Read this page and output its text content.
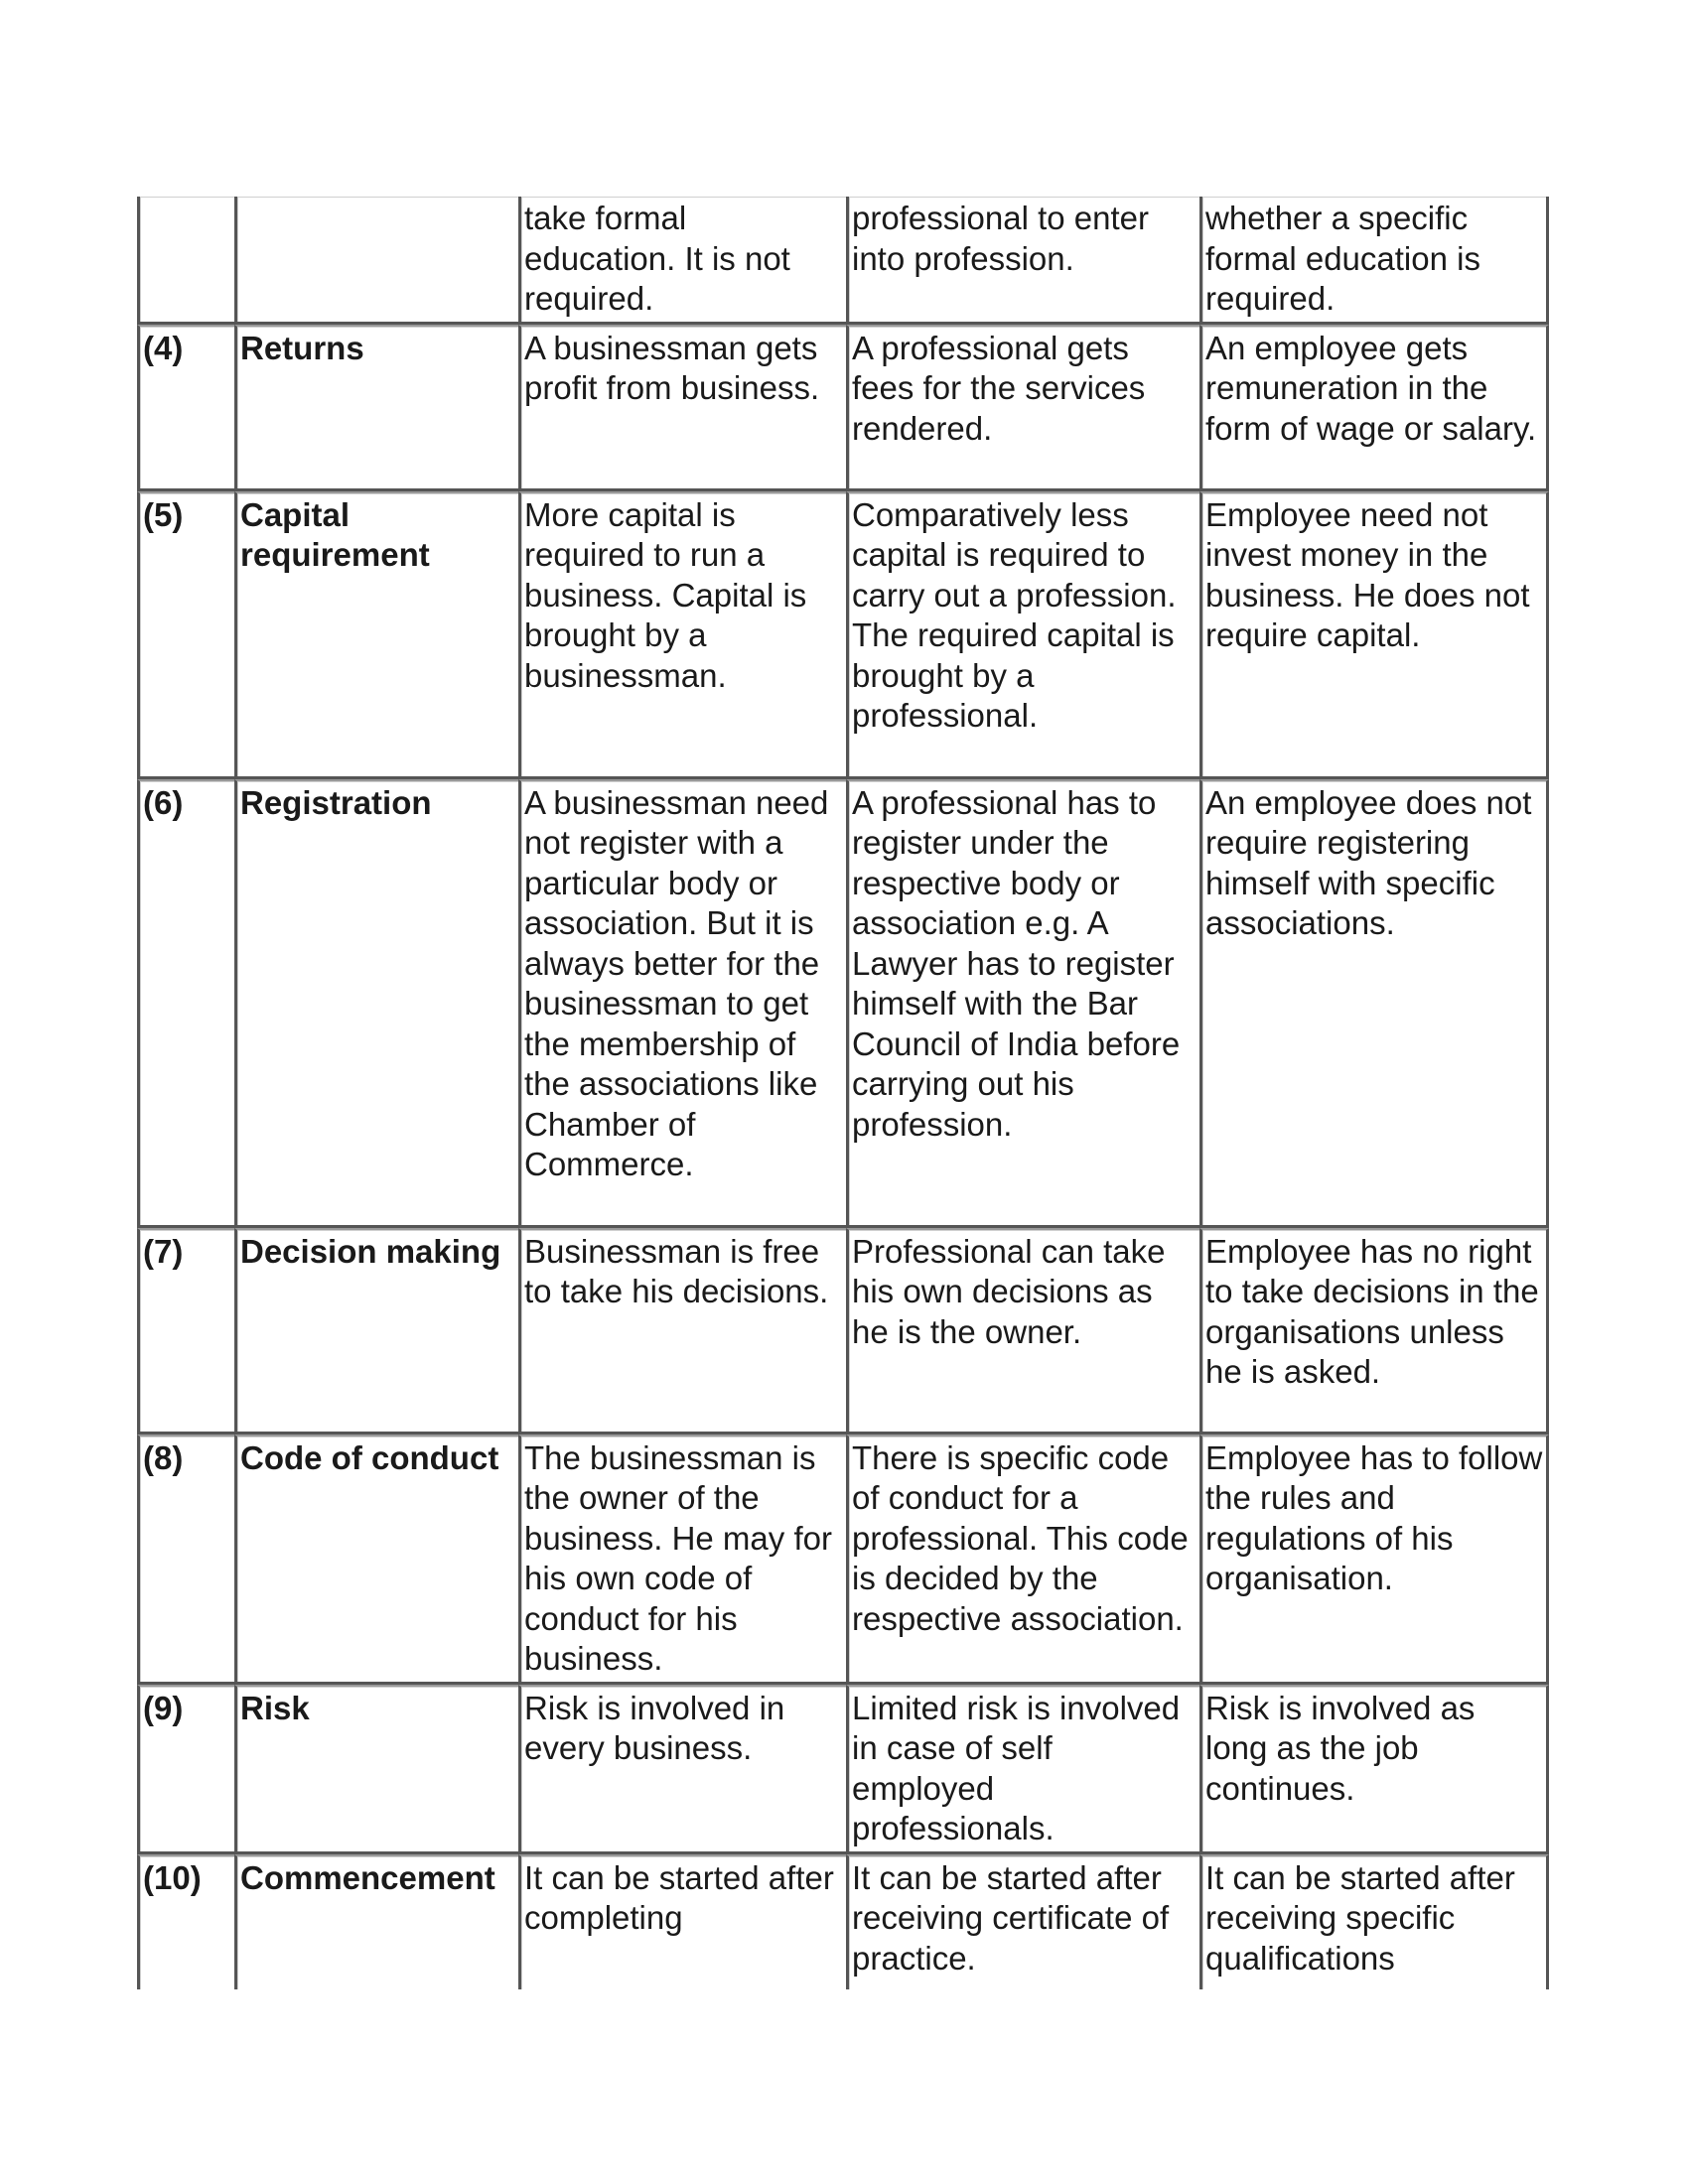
		take formal education. It is not required.	professional to enter into profession.	whether a specific formal education is required.
(4)	Returns	A businessman gets profit from business.	A professional gets fees for the services rendered.	An employee gets remuneration in the form of wage or salary.
(5)	Capital requirement	More capital is required to run a business. Capital is brought by a businessman.	Comparatively less capital is required to carry out a profession. The required capital is brought by a professional.	Employee need not invest money in the business. He does not require capital.
(6)	Registration	A businessman need not register with a particular body or association. But it is always better for the businessman to get the membership of the associations like Chamber of Commerce.	A professional has to register under the respective body or association e.g. A Lawyer has to register himself with the Bar Council of India before carrying out his profession.	An employee does not require registering himself with specific associations.
(7)	Decision making	Businessman is free to take his decisions.	Professional can take his own decisions as he is the owner.	Employee has no right to take decisions in the organisations unless he is asked.
(8)	Code of conduct	The businessman is the owner of the business. He may for his own code of conduct for his business.	There is specific code of conduct for a professional. This code is decided by the respective association.	Employee has to follow the rules and regulations of his organisation.
(9)	Risk	Risk is involved in every business.	Limited risk is involved in case of self employed professionals.	Risk is involved as long as the job continues.
(10)	Commencement	It can be started after completing	It can be started after receiving certificate of practice.	It can be started after receiving specific qualifications
